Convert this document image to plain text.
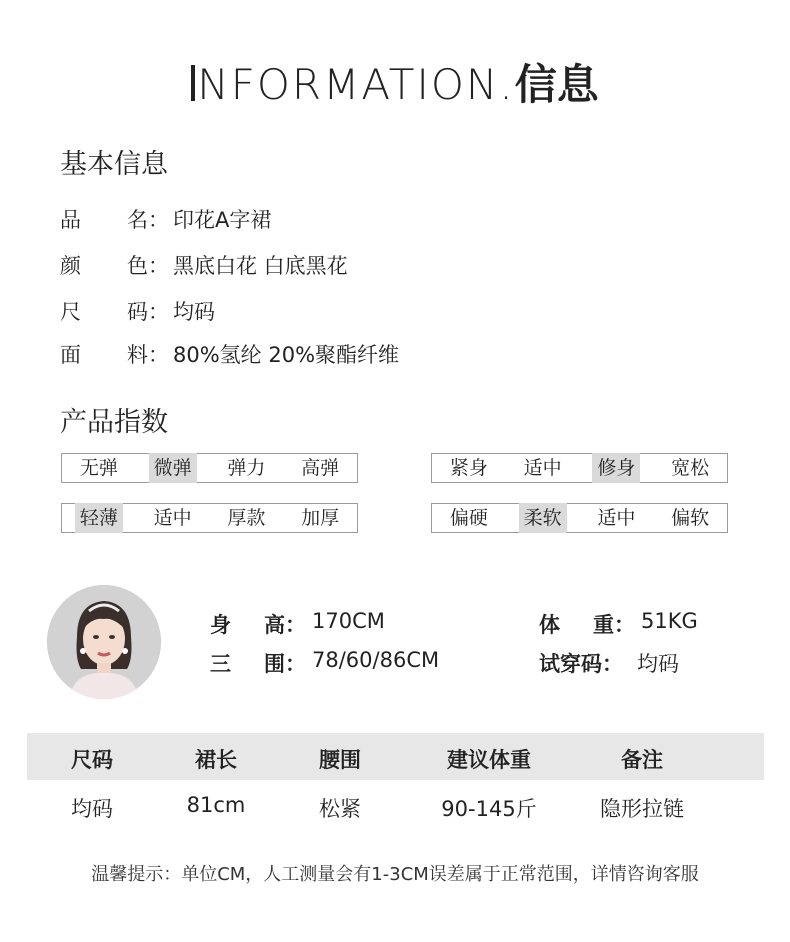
NFORMATION.信息
基本信息
品 名 ： 印花A字裙
颜 色 ： 黑底白花 白底黑花
尺 码 ： 均码
面 料 ： 80%氢纶 20%聚酯纤维
产品指数
无弹 微弹 弹力 高弹	紧身 适中 修身 宽松
轻薄 适中 厚款 加厚	偏硬 柔软 适中 偏软
身 高 ： 170CM	体 重 ： 51KG
三 围 ： 78/60/86CM	试穿码 ： 均码
尺码	裙长	腰围	建议体重	备注
均码	81cm	松紧	90-145斤	隐形拉链
温馨提示：单位CM，人工测量会有1-3CM误差属于正常范围，详情咨询客服
